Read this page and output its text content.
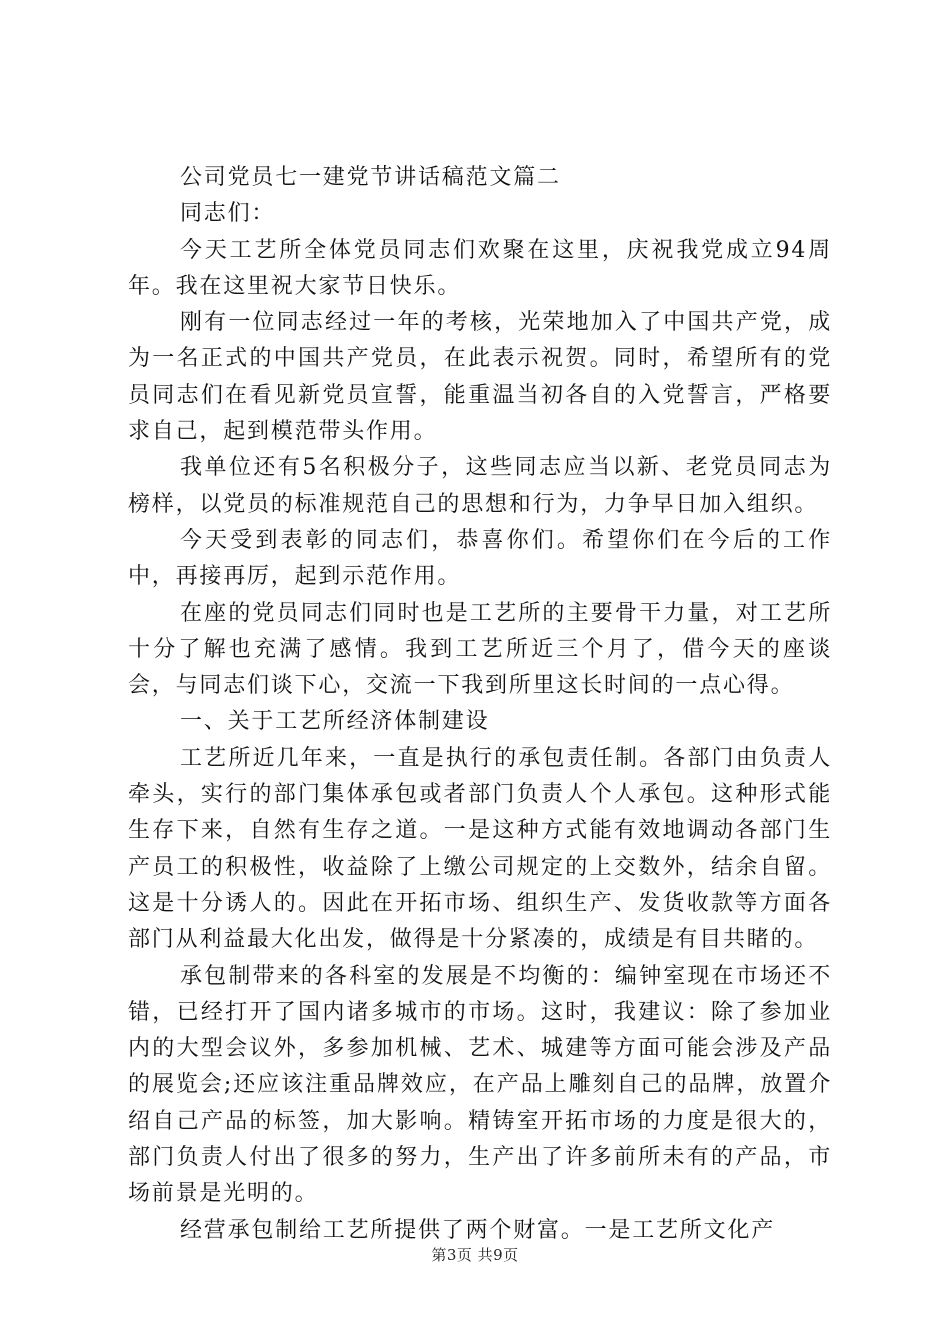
公司党员七一建党节讲话稿范文篇二

同志们：

今天工艺所全体党员同志们欢聚在这里，庆祝我党成立94周年。我在这里祝大家节日快乐。

刚有一位同志经过一年的考核，光荣地加入了中国共产党，成为一名正式的中国共产党员，在此表示祝贺。同时，希望所有的党员同志们在看见新党员宣誓，能重温当初各自的入党誓言，严格要求自己，起到模范带头作用。

我单位还有5名积极分子，这些同志应当以新、老党员同志为榜样，以党员的标准规范自己的思想和行为，力争早日加入组织。

今天受到表彰的同志们，恭喜你们。希望你们在今后的工作中，再接再厉，起到示范作用。

在座的党员同志们同时也是工艺所的主要骨干力量，对工艺所十分了解也充满了感情。我到工艺所近三个月了，借今天的座谈会，与同志们谈下心，交流一下我到所里这长时间的一点心得。

一、关于工艺所经济体制建设

工艺所近几年来，一直是执行的承包责任制。各部门由负责人牵头，实行的部门集体承包或者部门负责人个人承包。这种形式能生存下来，自然有生存之道。一是这种方式能有效地调动各部门生产员工的积极性，收益除了上缴公司规定的上交数外，结余自留。这是十分诱人的。因此在开拓市场、组织生产、发货收款等方面各部门从利益最大化出发，做得是十分紧凑的，成绩是有目共睹的。

承包制带来的各科室的发展是不均衡的：编钟室现在市场还不错，已经打开了国内诸多城市的市场。这时，我建议：除了参加业内的大型会议外，多参加机械、艺术、城建等方面可能会涉及产品的展览会;还应该注重品牌效应，在产品上雕刻自己的品牌，放置介绍自己产品的标签，加大影响。精铸室开拓市场的力度是很大的，部门负责人付出了很多的努力，生产出了许多前所未有的产品，市场前景是光明的。

经营承包制给工艺所提供了两个财富。一是工艺所文化产

第3页 共9页
